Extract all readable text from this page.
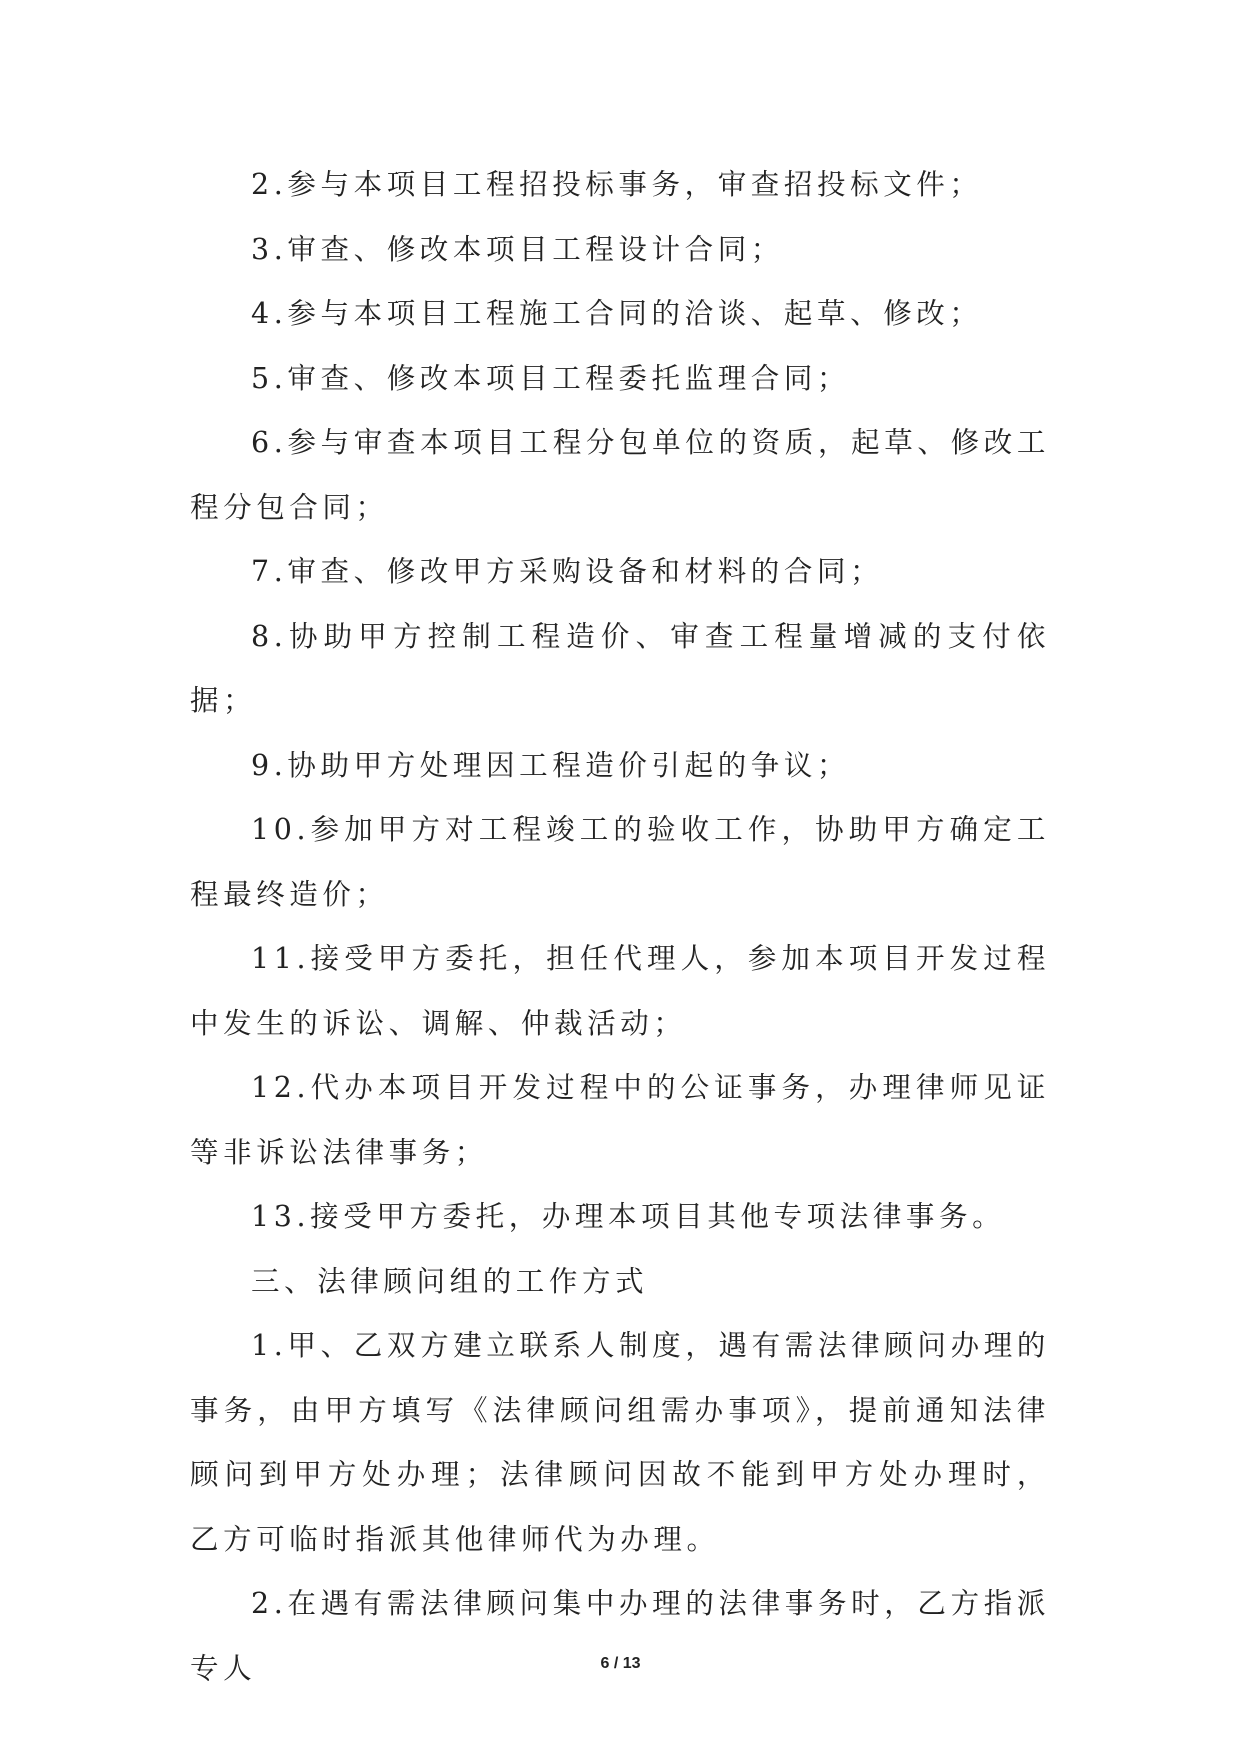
2.参与本项目工程招投标事务，审查招投标文件；

3.审查、修改本项目工程设计合同；

4.参与本项目工程施工合同的洽谈、起草、修改；

5.审查、修改本项目工程委托监理合同；

6.参与审查本项目工程分包单位的资质，起草、修改工程分包合同；

7.审查、修改甲方采购设备和材料的合同；

8.协助甲方控制工程造价、审查工程量增减的支付依据；

9.协助甲方处理因工程造价引起的争议；

10.参加甲方对工程竣工的验收工作，协助甲方确定工程最终造价；

11.接受甲方委托，担任代理人，参加本项目开发过程中发生的诉讼、调解、仲裁活动；

12.代办本项目开发过程中的公证事务，办理律师见证等非诉讼法律事务；

13.接受甲方委托，办理本项目其他专项法律事务。

三、法律顾问组的工作方式

1.甲、乙双方建立联系人制度，遇有需法律顾问办理的事务，由甲方填写《法律顾问组需办事项》，提前通知法律顾问到甲方处办理；法律顾问因故不能到甲方处办理时，乙方可临时指派其他律师代为办理。

2.在遇有需法律顾问集中办理的法律事务时，乙方指派专人	6 / 13
